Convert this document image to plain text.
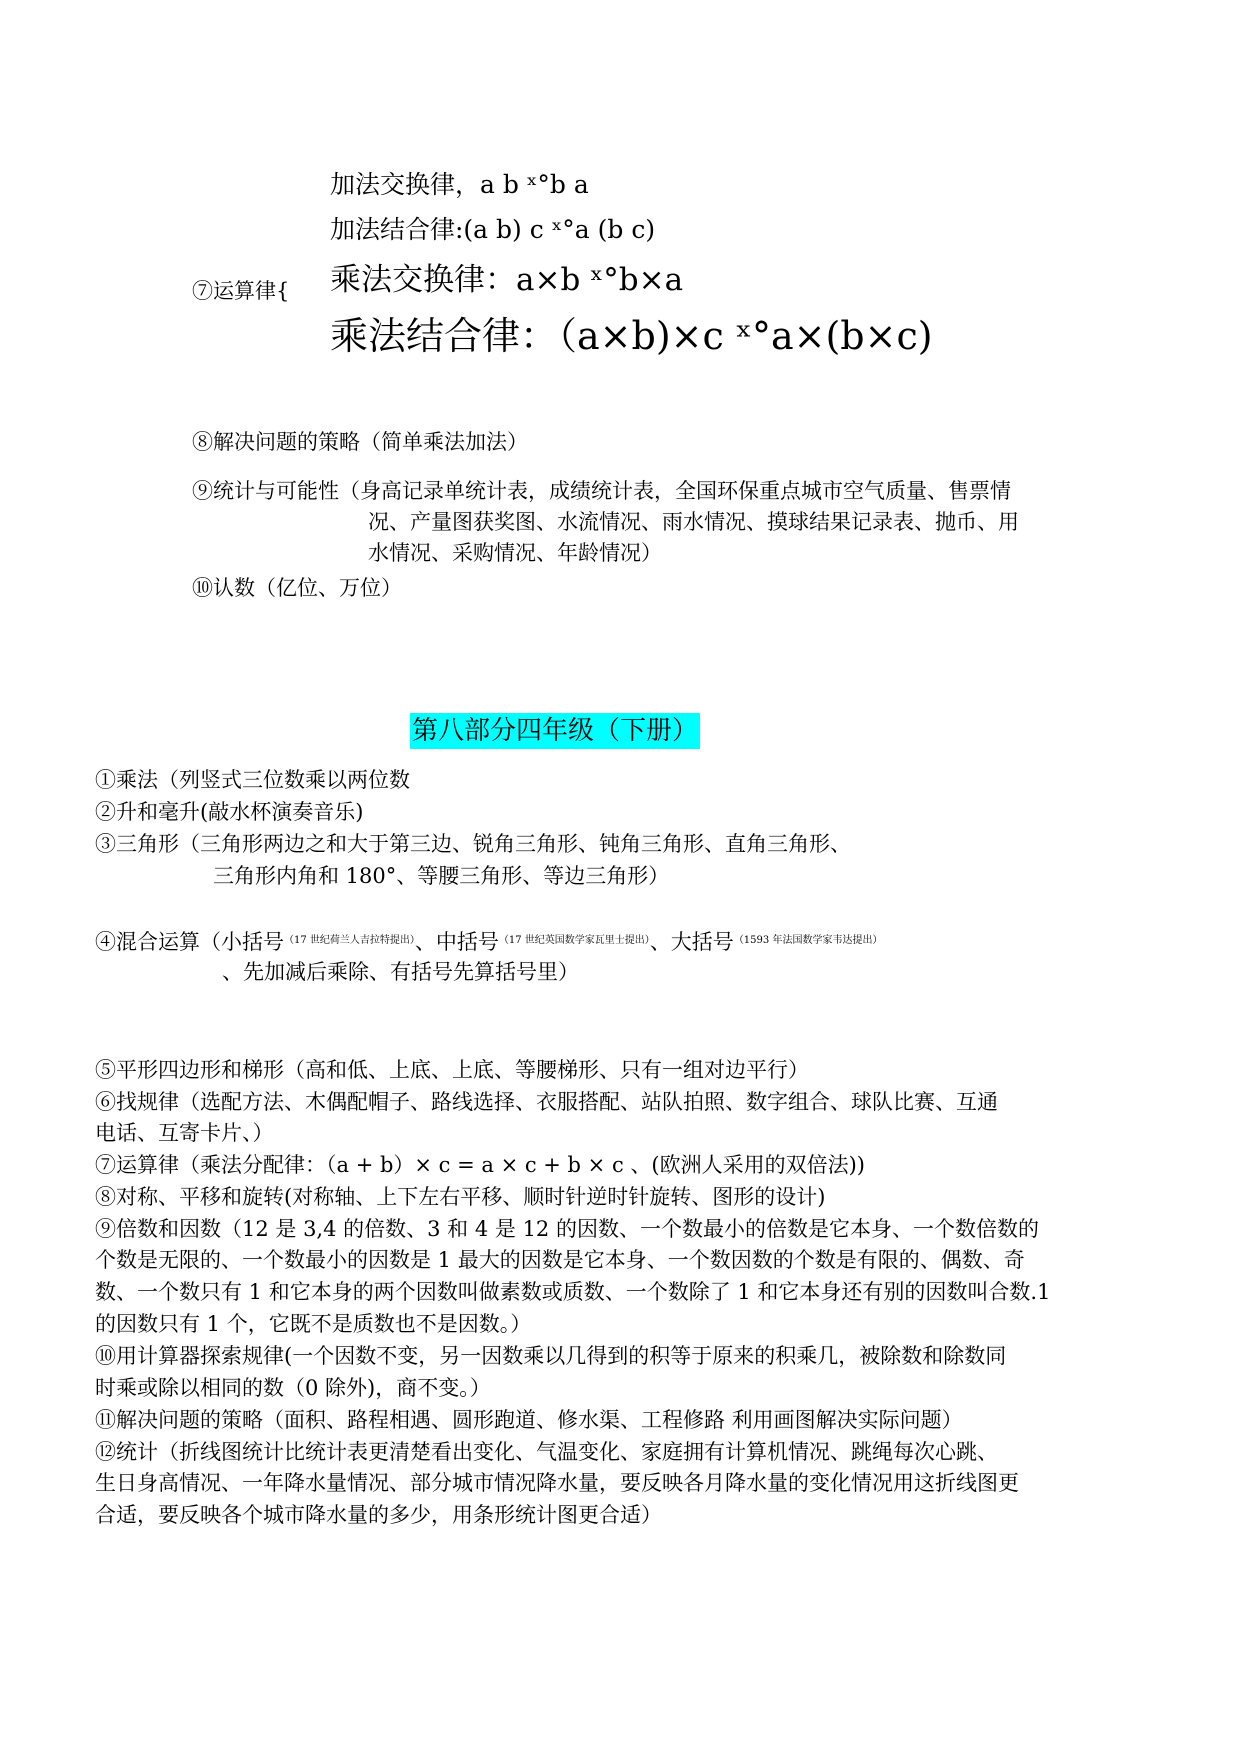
⑦运算律{
加法交换律，a b ˣ°b a
加法结合律:(a b) c ˣ°a (b c)
乘法交换律：a×b ˣ°b×a
乘法结合律：（a×b)×c ˣ°a×(b×c)
⑧解决问题的策略（简单乘法加法）
⑨统计与可能性（身高记录单统计表，成绩统计表，全国环保重点城市空气质量、售票情
况、产量图获奖图、水流情况、雨水情况、摸球结果记录表、抛币、用
水情况、采购情况、年龄情况）
⑩认数（亿位、万位）
第八部分四年级（下册）
①乘法（列竖式三位数乘以两位数
②升和毫升(敲水杯演奏音乐)
③三角形（三角形两边之和大于第三边、锐角三角形、钝角三角形、直角三角形、
三角形内角和 180°、等腰三角形、等边三角形）
④混合运算（小括号$^{(17 世纪荷兰人吉拉特提出)}$、中括号$^{(17 世纪英国数学家瓦里士提出)}$、大括号$^{(1593 年法国数学家韦达提出)}$
、先加减后乘除、有括号先算括号里）
⑤平形四边形和梯形（高和低、上底、上底、等腰梯形、只有一组对边平行）
⑥找规律（选配方法、木偶配帽子、路线选择、衣服搭配、站队拍照、数字组合、球队比赛、互通
电话、互寄卡片、）
⑦运算律（乘法分配律：（a + b）× c = a × c + b × c 、(欧洲人采用的双倍法))
⑧对称、平移和旋转(对称轴、上下左右平移、顺时针逆时针旋转、图形的设计)
⑨倍数和因数（12 是 3,4 的倍数、3 和 4 是 12 的因数、一个数最小的倍数是它本身、一个数倍数的
个数是无限的、一个数最小的因数是 1 最大的因数是它本身、一个数因数的个数是有限的、偶数、奇
数、一个数只有 1 和它本身的两个因数叫做素数或质数、一个数除了 1 和它本身还有别的因数叫合数.1
的因数只有 1 个，它既不是质数也不是因数。）
⑩用计算器探索规律(一个因数不变，另一因数乘以几得到的积等于原来的积乘几，被除数和除数同
时乘或除以相同的数（0 除外)，商不变。）
⑪解决问题的策略（面积、路程相遇、圆形跑道、修水渠、工程修路 利用画图解决实际问题）
⑫统计（折线图统计比统计表更清楚看出变化、气温变化、家庭拥有计算机情况、跳绳每次心跳、
生日身高情况、一年降水量情况、部分城市情况降水量，要反映各月降水量的变化情况用这折线图更
合适，要反映各个城市降水量的多少，用条形统计图更合适）
